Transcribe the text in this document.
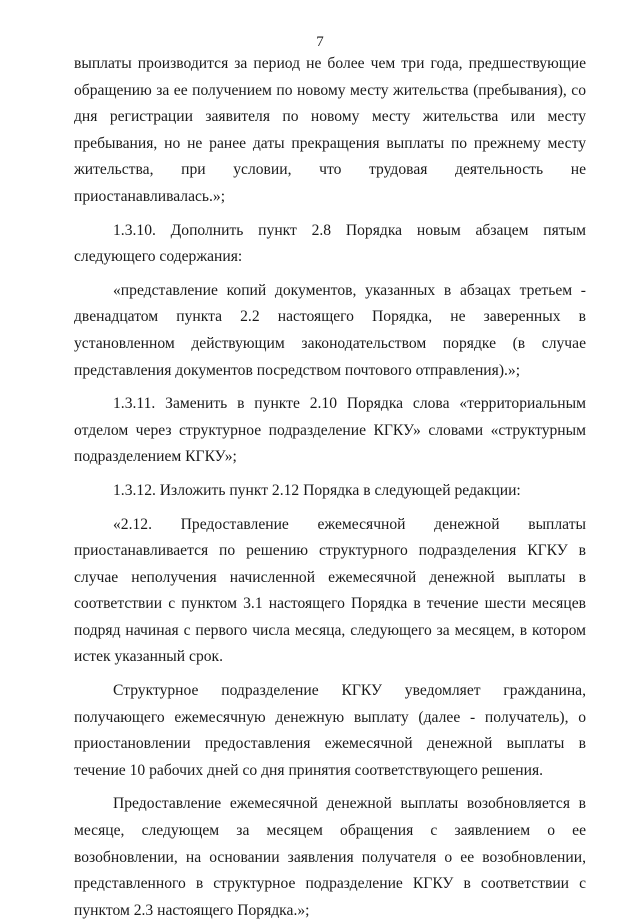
7

выплаты производится за период не более чем три года, предшествующие обращению за ее получением по новому месту жительства (пребывания), со дня регистрации заявителя по новому месту жительства или месту пребывания, но не ранее даты прекращения выплаты по прежнему месту жительства, при условии, что трудовая деятельность не приостанавливалась.»;

1.3.10. Дополнить пункт 2.8 Порядка новым абзацем пятым следующего содержания:

«представление копий документов, указанных в абзацах третьем - двенадцатом пункта 2.2 настоящего Порядка, не заверенных в установленном действующим законодательством порядке (в случае представления документов посредством почтового отправления).»;

1.3.11. Заменить в пункте 2.10 Порядка слова «территориальным отделом через структурное подразделение КГКУ» словами «структурным подразделением КГКУ»;

1.3.12. Изложить пункт 2.12 Порядка в следующей редакции:

«2.12. Предоставление ежемесячной денежной выплаты приостанавливается по решению структурного подразделения КГКУ в случае неполучения начисленной ежемесячной денежной выплаты в соответствии с пунктом 3.1 настоящего Порядка в течение шести месяцев подряд начиная с первого числа месяца, следующего за месяцем, в котором истек указанный срок.

Структурное подразделение КГКУ уведомляет гражданина, получающего ежемесячную денежную выплату (далее - получатель), о приостановлении предоставления ежемесячной денежной выплаты в течение 10 рабочих дней со дня принятия соответствующего решения.

Предоставление ежемесячной денежной выплаты возобновляется в месяце, следующем за месяцем обращения с заявлением о ее возобновлении, на основании заявления получателя о ее возобновлении, представленного в структурное подразделение КГКУ в соответствии с пунктом 2.3 настоящего Порядка.»;
